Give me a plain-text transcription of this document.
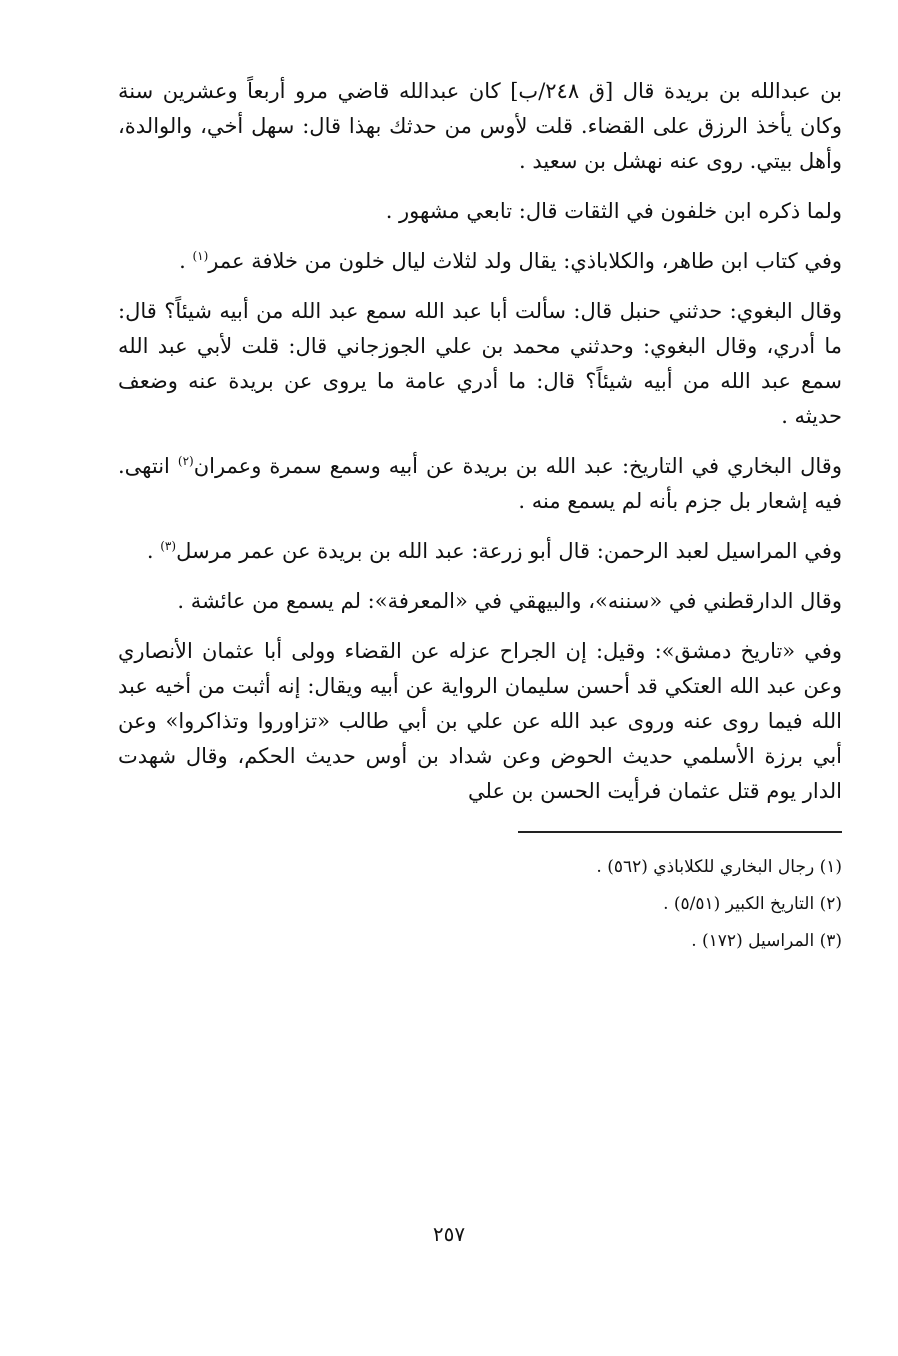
بن عبدالله بن بريدة قال [ق ٢٤٨/ب] كان عبدالله قاضي مرو أربعاً وعشرين سنة وكان يأخذ الرزق على القضاء. قلت لأوس من حدثك بهذا قال: سهل أخي، والوالدة، وأهل بيتي. روى عنه نهشل بن سعيد .

ولما ذكره ابن خلفون في الثقات قال: تابعي مشهور .

وفي كتاب ابن طاهر، والكلاباذي: يقال ولد لثلاث ليال خلون من خلافة عمر$^{(١)}$ .

وقال البغوي: حدثني حنبل قال: سألت أبا عبد الله سمع عبد الله من أبيه شيئاً؟ قال: ما أدري، وقال البغوي: وحدثني محمد بن علي الجوزجاني قال: قلت لأبي عبد الله سمع عبد الله من أبيه شيئاً؟ قال: ما أدري عامة ما يروى عن بريدة عنه وضعف حديثه .

وقال البخاري في التاريخ: عبد الله بن بريدة عن أبيه وسمع سمرة وعمران$^{(٢)}$ انتهى. فيه إشعار بل جزم بأنه لم يسمع منه .

وفي المراسيل لعبد الرحمن: قال أبو زرعة: عبد الله بن بريدة عن عمر مرسل$^{(٣)}$ .

وقال الدارقطني في «سننه»، والبيهقي في «المعرفة»: لم يسمع من عائشة .

وفي «تاريخ دمشق»: وقيل: إن الجراح عزله عن القضاء وولى أبا عثمان الأنصاري وعن عبد الله العتكي قد أحسن سليمان الرواية عن أبيه ويقال: إنه أثبت من أخيه عبد الله فيما روى عنه وروى عبد الله عن علي بن أبي طالب «تزاوروا وتذاكروا» وعن أبي برزة الأسلمي حديث الحوض وعن شداد بن أوس حديث الحكم، وقال شهدت الدار يوم قتل عثمان فرأيت الحسن بن علي

(١) رجال البخاري للكلاباذي (٥٦٢) .
(٢) التاريخ الكبير (٥/٥١) .
(٣) المراسيل (١٧٢) .
٢٥٧
